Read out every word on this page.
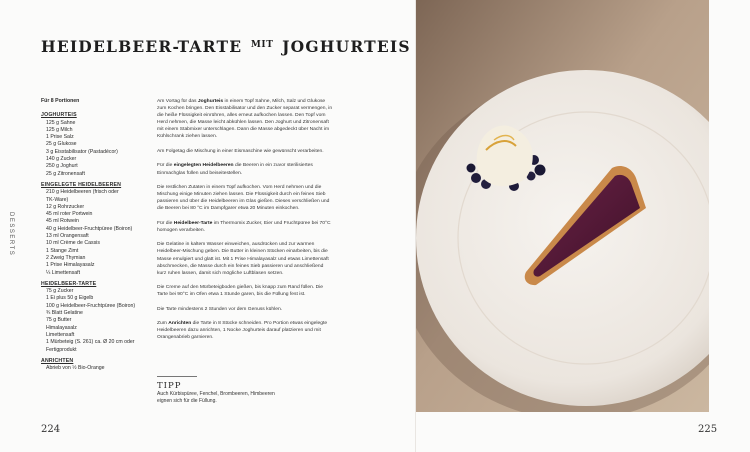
HEIDELBEER-TARTE $^{MIT}$ JOGHURTEIS
DESSERTS
Für 8 Portionen
JOGHURTEIS
125 g Sahne
125 g Milch
1 Prise Salz
25 g Glukose
3 g Eisstabilisator (Pastadécor)
140 g Zucker
250 g Joghurt
25 g Zitronensaft
EINGELEGTE HEIDELBEEREN
210 g Heidelbeeren (frisch oder
TK-Ware)
12 g Rohrzucker
45 ml roter Portwein
45 ml Rotwein
40 g Heidelbeer-Fruchtpüree (Boiron)
13 ml Orangensaft
10 ml Crème de Cassis
1 Stange Zimt
2 Zweig Thymian
1 Prise Himalayasalz
¼ Limettensaft
HEIDELBEER-TARTE
75 g Zucker
1 Ei plus 50 g Eigelb
100 g Heidelbeer-Fruchtpüree (Boiron)
¾ Blatt Gelatine
75 g Butter
Himalayasalz
Limettensaft
1 Mürbeteig (S. 261) ca. Ø 20 cm oder
Fertigprodukt
ANRICHTEN
Abrieb von ½ Bio-Orange

Am Vortag für das Joghurteis in einem Topf Sahne, Milch, Salz und Glukose zum Kochen bringen. Den Eisstabilisator und den Zucker separat vermengen, in die heiße Flüssigkeit einrühren, alles erneut aufkochen lassen. Den Topf vom Herd nehmen, die Masse leicht abkühlen lassen. Den Joghurt und Zitronensaft mit einem Stabmixer unterschlagen. Dann die Masse abgedeckt über Nacht im Kühlschrank ziehen lassen.

Am Folgetag die Mischung in einer Eismaschine wie gewünscht verarbeiten.

Für die eingelegten Heidelbeeren die Beeren in ein zuvor sterilisiertes Einmachglas füllen und beiseitestellen.

Die restlichen Zutaten in einem Topf aufkochen. Vom Herd nehmen und die Mischung einige Minuten ziehen lassen. Die Flüssigkeit durch ein feines Sieb passieren und über die Heidelbeeren im Glas gießen. Dieses verschließen und die Beeren bei 80 °C im Dampfgarer etwa 20 Minuten einkochen.

Für die Heidelbeer-Tarte im Thermomix Zucker, Eier und Fruchtpüree bei 70°C homogen verarbeiten.

Die Gelatine in kaltem Wasser einweichen, ausdrücken und zur warmen Heidelbeer-Mischung geben. Die Butter in kleinen Stücken einarbeiten, bis die Masse emulgiert und glatt ist. Mit 1 Prise Himalayasalz und etwas Limettensaft abschmecken, die Masse durch ein feines Sieb passieren und anschließend kurz ruhen lassen, damit sich mögliche Luftblasen setzen.

Die Creme auf den Mürbeteigboden gießen, bis knapp zum Rand füllen. Die Tarte bei 90°C im Ofen etwa 1 Stunde garen, bis die Füllung fest ist.

Die Tarte mindestens 2 Stunden vor dem Genuss kühlen.

Zum Anrichten die Tarte in 8 Stücke schneiden. Pro Portion etwas eingelegte Heidelbeeren dazu anrichten, 1 Nocke Joghurteis darauf platzieren und mit Orangenabrieb garnieren.

TIPP
Auch Kürbispüree, Fenchel, Brombeeren, Himbeeren eignen sich für die Füllung.
224	225
